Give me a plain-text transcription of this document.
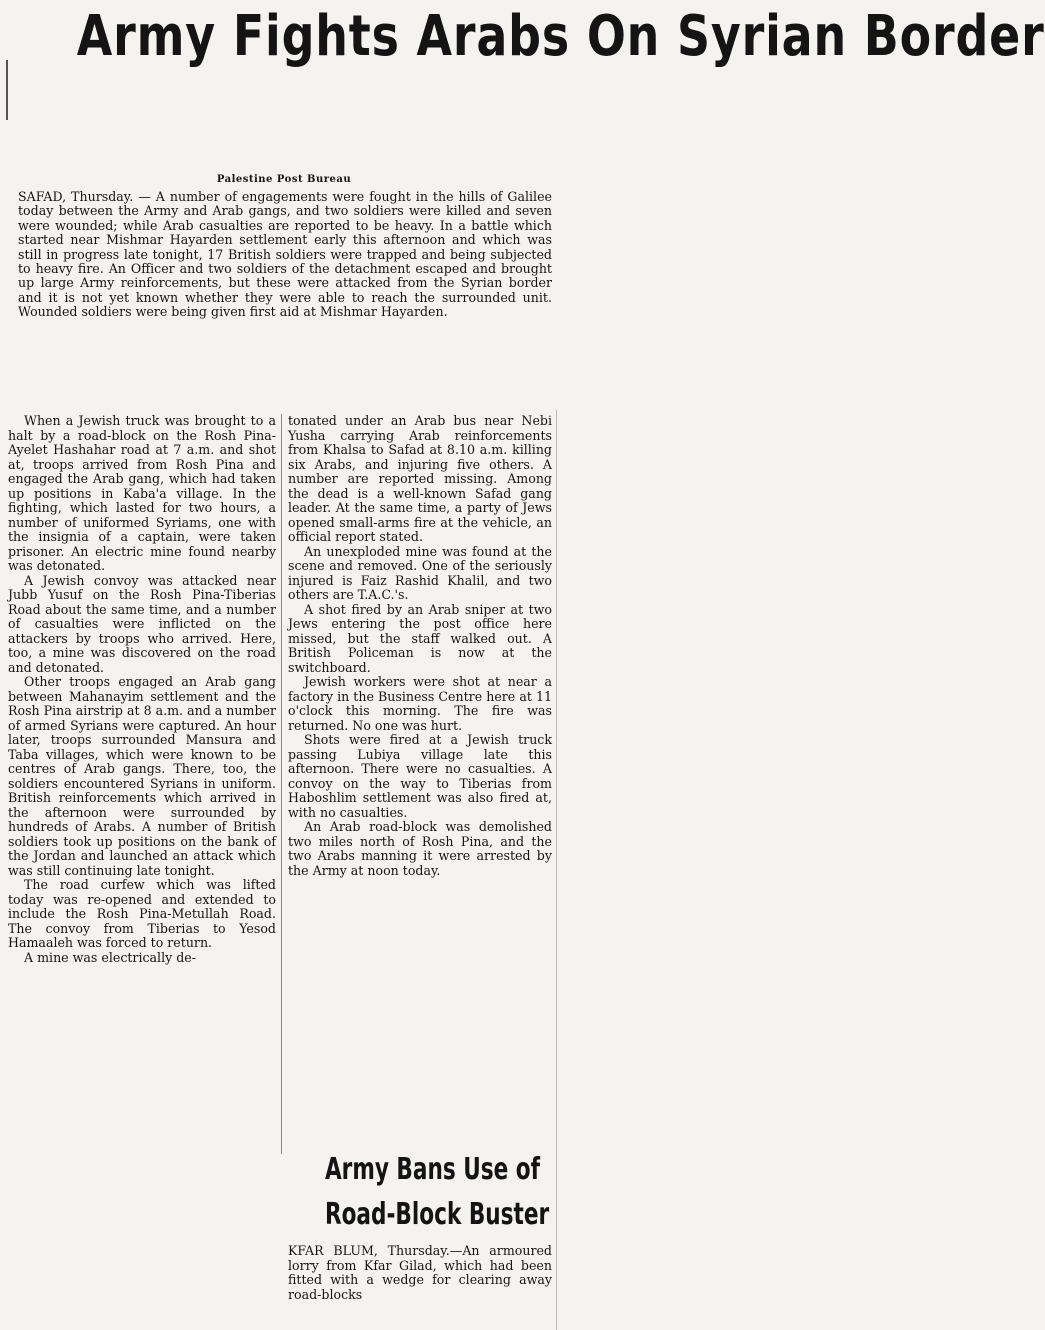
Army Fights Arabs On Syrian Border
Palestine Post Bureau

SAFAD, Thursday. — A number of engagements were fought in the hills of Galilee today between the Army and Arab gangs, and two soldiers were killed and seven were wounded; while Arab casualties are reported to be heavy. In a battle which started near Mishmar Hayarden settlement early this afternoon and which was still in progress late tonight, 17 British soldiers were trapped and being subjected to heavy fire. An Officer and two soldiers of the detachment escaped and brought up large Army reinforcements, but these were attacked from the Syrian border and it is not yet known whether they were able to reach the surrounded unit. Wounded soldiers were being given first aid at Mishmar Hayarden.

When a Jewish truck was brought to a halt by a road-block on the Rosh Pina-Ayelet Hashahar road at 7 a.m. and shot at, troops arrived from Rosh Pina and engaged the Arab gang, which had taken up positions in Kaba'a village. In the fighting, which lasted for two hours, a number of uniformed Syriams, one with the insignia of a captain, were taken prisoner. An electric mine found nearby was detonated.

A Jewish convoy was attacked near Jubb Yusuf on the Rosh Pina-Tiberias Road about the same time, and a number of casualties were inflicted on the attackers by troops who arrived. Here, too, a mine was discovered on the road and detonated.

Other troops engaged an Arab gang between Mahanayim settlement and the Rosh Pina airstrip at 8 a.m. and a number of armed Syrians were captured. An hour later, troops surrounded Mansura and Taba villages, which were known to be centres of Arab gangs. There, too, the soldiers encountered Syrians in uniform. British reinforcements which arrived in the afternoon were surrounded by hundreds of Arabs. A number of British soldiers took up positions on the bank of the Jordan and launched an attack which was still continuing late tonight.

The road curfew which was lifted today was re-opened and extended to include the Rosh Pina-Metullah Road. The convoy from Tiberias to Yesod Hamaaleh was forced to return.

A mine was electrically de-

tonated under an Arab bus near Nebi Yusha carrying Arab reinforcements from Khalsa to Safad at 8.10 a.m. killing six Arabs, and injuring five others. A number are reported missing. Among the dead is a well-known Safad gang leader. At the same time, a party of Jews opened small-arms fire at the vehicle, an official report stated.

An unexploded mine was found at the scene and removed. One of the seriously injured is Faiz Rashid Khalil, and two others are T.A.C.'s.

A shot fired by an Arab sniper at two Jews entering the post office here missed, but the staff walked out. A British Policeman is now at the switchboard.

Jewish workers were shot at near a factory in the Business Centre here at 11 o'clock this morning. The fire was returned. No one was hurt.

Shots were fired at a Jewish truck passing Lubiya village late this afternoon. There were no casualties. A convoy on the way to Tiberias from Haboshlim settlement was also fired at, with no casualties.

An Arab road-block was demolished two miles north of Rosh Pina, and the two Arabs manning it were arrested by the Army at noon today.

Army Bans Use of
Road-Block Buster

KFAR BLUM, Thursday.—An armoured lorry from Kfar Gilad, which had been fitted with a wedge for clearing away road-blocks
